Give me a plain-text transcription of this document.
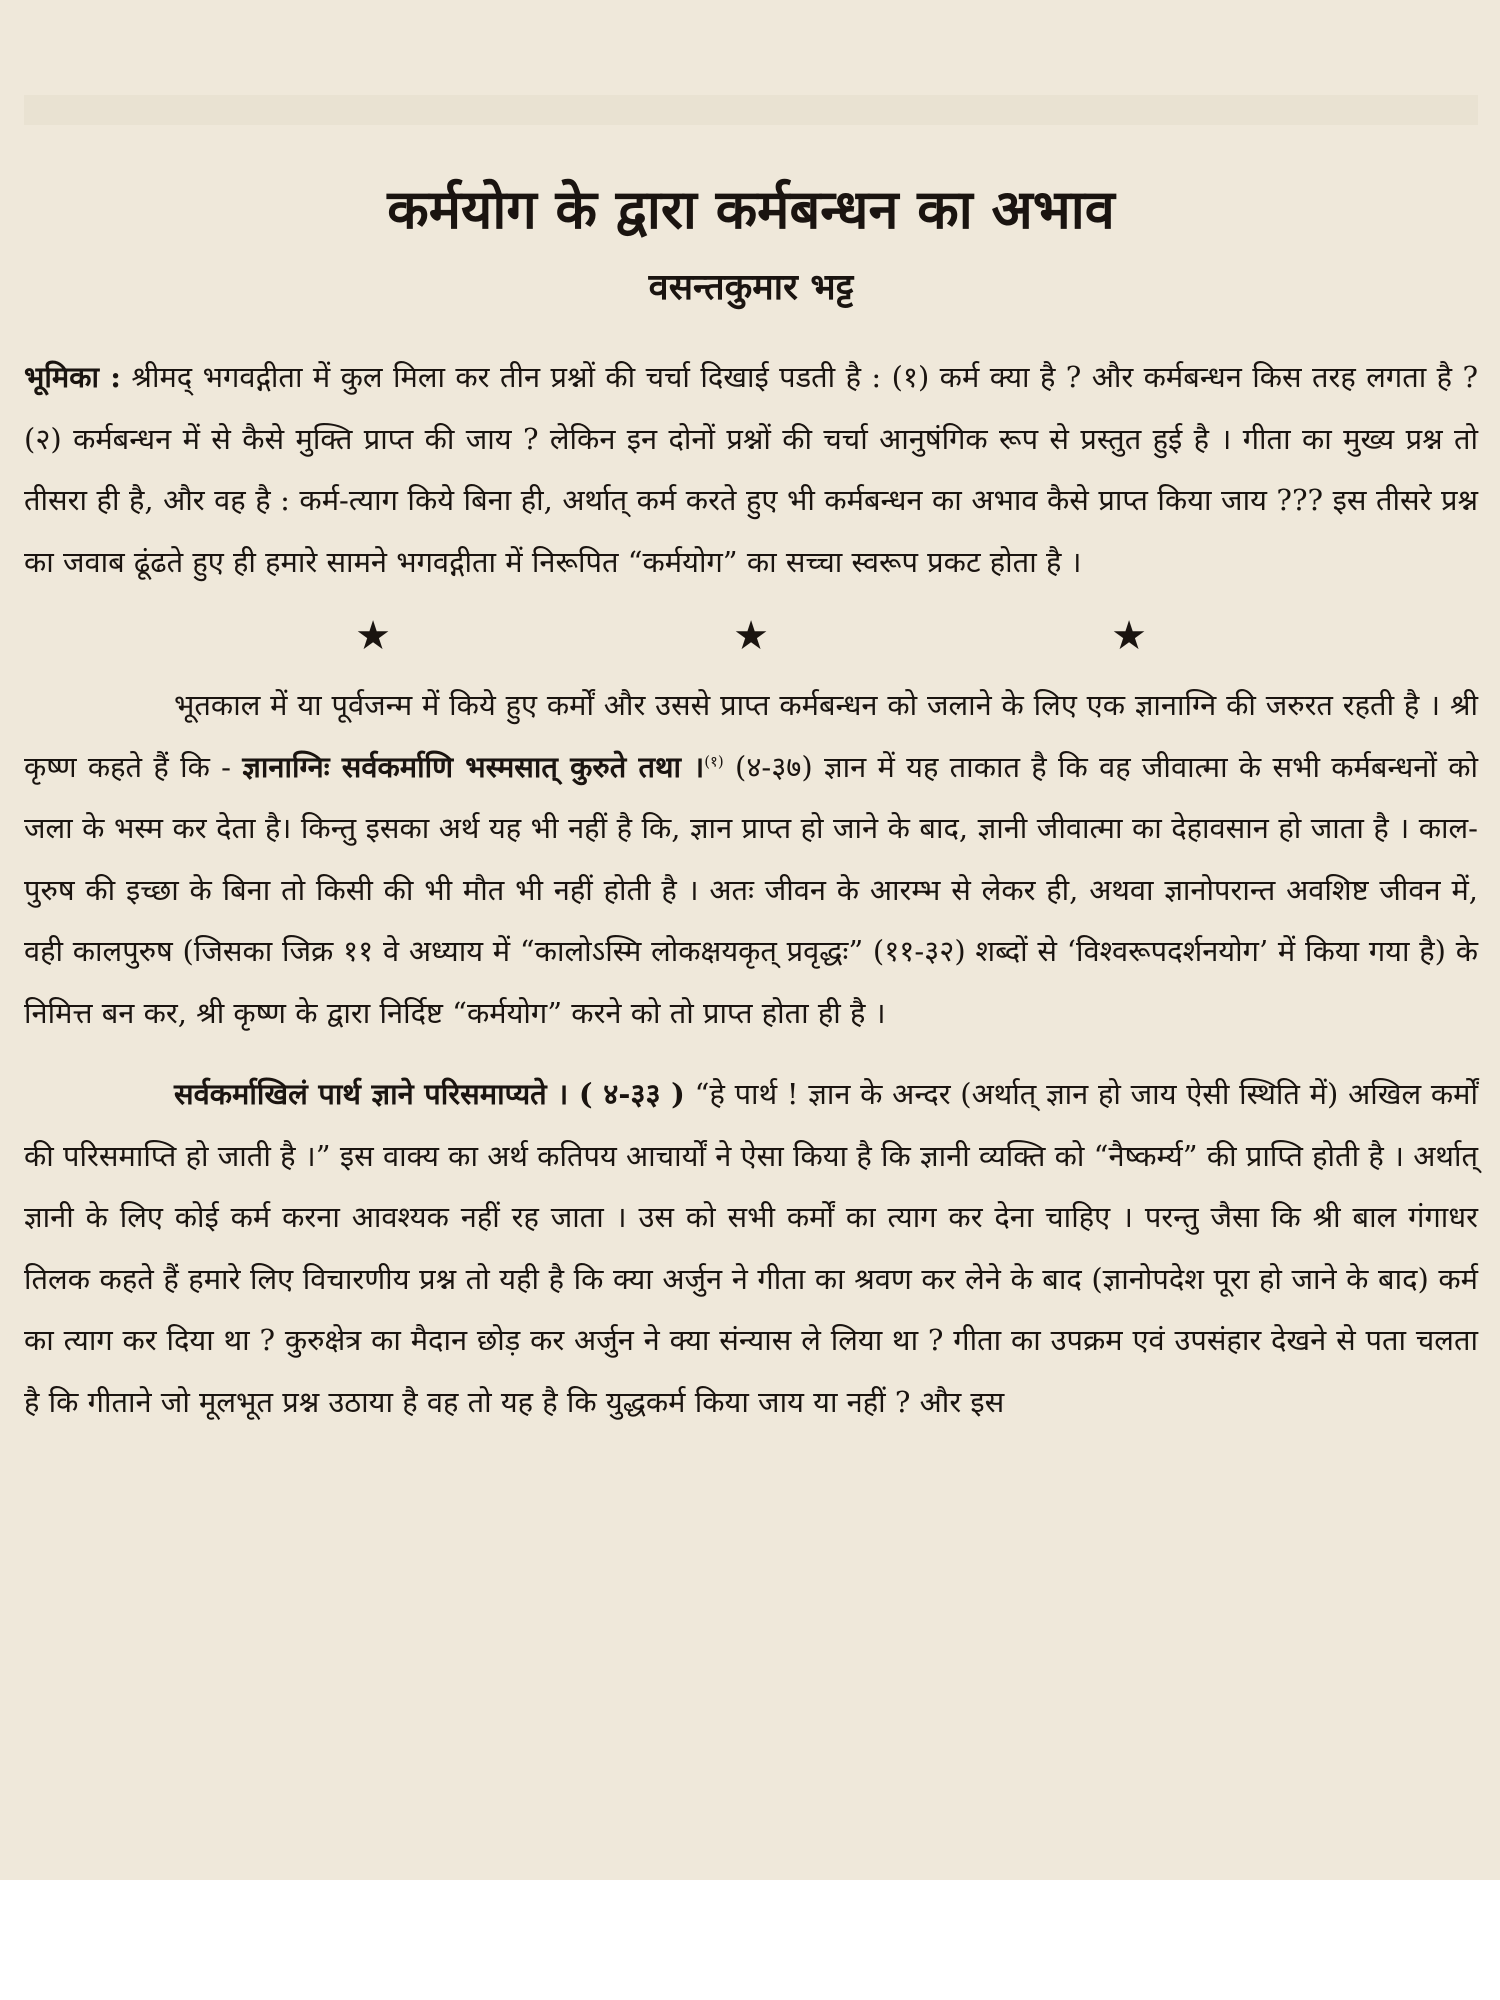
कर्मयोग के द्वारा कर्मबन्धन का अभाव
वसन्तकुमार भट्ट

भूमिका : श्रीमद् भगवद्गीता में कुल मिला कर तीन प्रश्नों की चर्चा दिखाई पडती है : (१) कर्म क्या है ? और कर्मबन्धन किस तरह लगता है ? (२) कर्मबन्धन में से कैसे मुक्ति प्राप्त की जाय ? लेकिन इन दोनों प्रश्नों की चर्चा आनुषंगिक रूप से प्रस्तुत हुई है । गीता का मुख्य प्रश्न तो तीसरा ही है, और वह है : कर्म-त्याग किये बिना ही, अर्थात् कर्म करते हुए भी कर्मबन्धन का अभाव कैसे प्राप्त किया जाय ??? इस तीसरे प्रश्न का जवाब ढूंढते हुए ही हमारे सामने भगवद्गीता में निरूपित “कर्मयोग” का सच्चा स्वरूप प्रकट होता है ।

★	★	★

भूतकाल में या पूर्वजन्म में किये हुए कर्मों और उससे प्राप्त कर्मबन्धन को जलाने के लिए एक ज्ञानाग्नि की जरुरत रहती है । श्री कृष्ण कहते हैं कि - ज्ञानाग्निः सर्वकर्माणि भस्मसात् कुरुते तथा ।$^{(१)}$ (४-३७) ज्ञान में यह ताकात है कि वह जीवात्मा के सभी कर्मबन्धनों को जला के भस्म कर देता है। किन्तु इसका अर्थ यह भी नहीं है कि, ज्ञान प्राप्त हो जाने के बाद, ज्ञानी जीवात्मा का देहावसान हो जाता है । काल- पुरुष की इच्छा के बिना तो किसी की भी मौत भी नहीं होती है । अतः जीवन के आरम्भ से लेकर ही, अथवा ज्ञानोपरान्त अवशिष्ट जीवन में, वही कालपुरुष (जिसका जिक्र ११ वे अध्याय में “कालोऽस्मि लोकक्षयकृत् प्रवृद्धः” (११-३२) शब्दों से ‘विश्वरूपदर्शनयोग’ में किया गया है) के निमित्त बन कर, श्री कृष्ण के द्वारा निर्दिष्ट “कर्मयोग” करने को तो प्राप्त होता ही है ।

सर्वकर्माखिलं पार्थ ज्ञाने परिसमाप्यते । ( ४-३३ ) “हे पार्थ ! ज्ञान के अन्दर (अर्थात् ज्ञान हो जाय ऐसी स्थिति में) अखिल कर्मों की परिसमाप्ति हो जाती है ।” इस वाक्य का अर्थ कतिपय आचार्यों ने ऐसा किया है कि ज्ञानी व्यक्ति को “नैष्कर्म्य” की प्राप्ति होती है । अर्थात् ज्ञानी के लिए कोई कर्म करना आवश्यक नहीं रह जाता । उस को सभी कर्मों का त्याग कर देना चाहिए । परन्तु जैसा कि श्री बाल गंगाधर तिलक कहते हैं हमारे लिए विचारणीय प्रश्न तो यही है कि क्या अर्जुन ने गीता का श्रवण कर लेने के बाद (ज्ञानोपदेश पूरा हो जाने के बाद) कर्म का त्याग कर दिया था ? कुरुक्षेत्र का मैदान छोड़ कर अर्जुन ने क्या संन्यास ले लिया था ? गीता का उपक्रम एवं उपसंहार देखने से पता चलता है कि गीताने जो मूलभूत प्रश्न उठाया है वह तो यह है कि युद्धकर्म किया जाय या नहीं ? और इस
